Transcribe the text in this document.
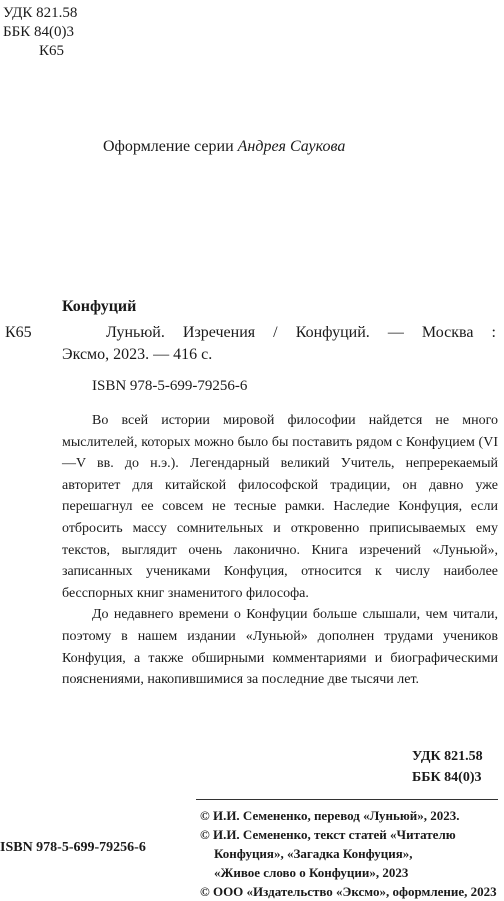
УДК 821.58
ББК 84(0)3
К65
Оформление серии Андрея Саукова
Конфуций
К65	Луньюй. Изречения / Конфуций. — Москва :
Эксмо, 2023. — 416 с.
ISBN 978-5-699-79256-6

Во всей истории мировой философии найдется не много мыслителей, которых можно было бы поставить рядом с Конфуцием (VI—V вв. до н.э.). Легендарный великий Учитель, непререкаемый авторитет для китайской философской традиции, он давно уже перешагнул ее совсем не тесные рамки. Наследие Конфуция, если отбросить массу сомнительных и откровенно приписываемых ему текстов, выглядит очень лаконично. Книга изречений «Луньюй», записанных учениками Конфуция, относится к числу наиболее бесспорных книг знаменитого философа.

До недавнего времени о Конфуции больше слышали, чем читали, поэтому в нашем издании «Луньюй» дополнен трудами учеников Конфуция, а также обширными комментариями и биографическими пояснениями, накопившимися за последние две тысячи лет.

УДК 821.58
ББК 84(0)3
© И.И. Семененко, перевод «Луньюй», 2023.
© И.И. Семененко, текст статей «Читателю
Конфуция», «Загадка Конфуция»,
«Живое слово о Конфуции», 2023
© ООО «Издательство «Эксмо», оформление, 2023
ISBN 978-5-699-79256-6
